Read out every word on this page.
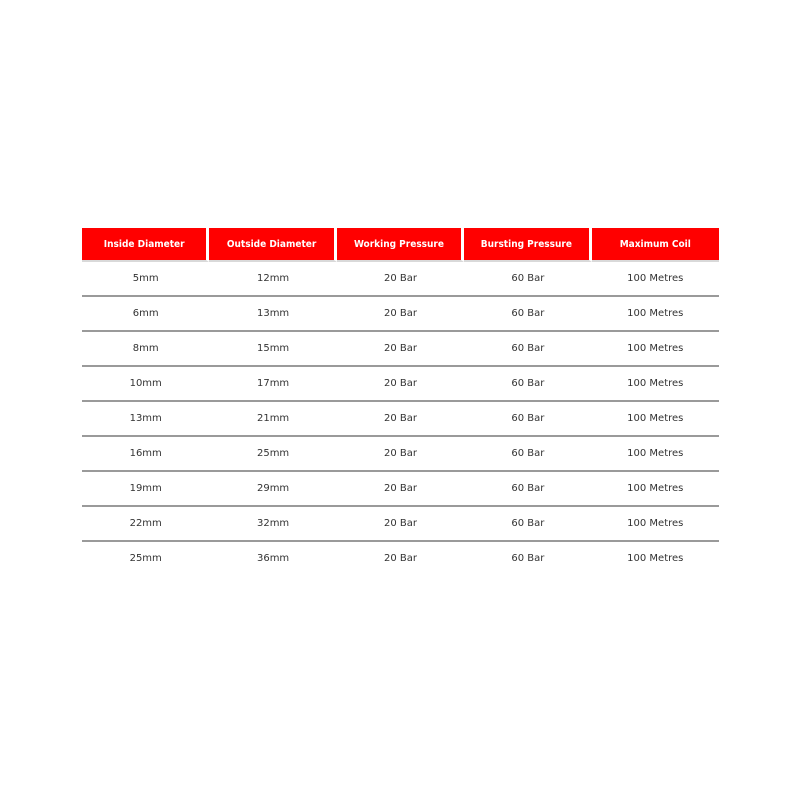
Inside Diameter	Outside Diameter	Working Pressure	Bursting Pressure	Maximum Coil
5mm	12mm	20 Bar	60 Bar	100 Metres
6mm	13mm	20 Bar	60 Bar	100 Metres
8mm	15mm	20 Bar	60 Bar	100 Metres
10mm	17mm	20 Bar	60 Bar	100 Metres
13mm	21mm	20 Bar	60 Bar	100 Metres
16mm	25mm	20 Bar	60 Bar	100 Metres
19mm	29mm	20 Bar	60 Bar	100 Metres
22mm	32mm	20 Bar	60 Bar	100 Metres
25mm	36mm	20 Bar	60 Bar	100 Metres
